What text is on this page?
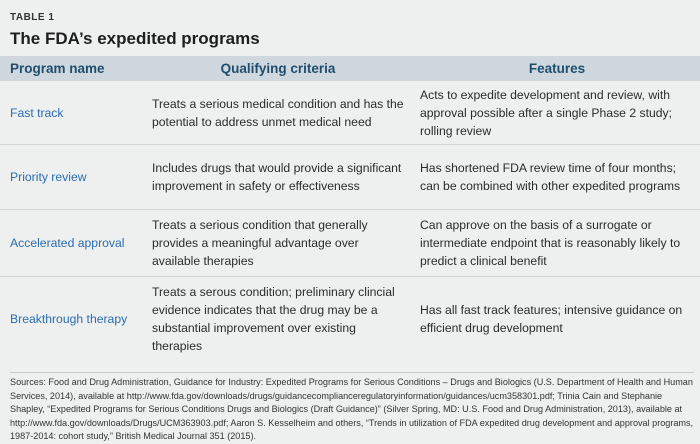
TABLE 1
The FDA’s expedited programs
Program name	Qualifying criteria	Features
Fast track	Treats a serious medical condition and has the potential to address unmet medical need	Acts to expedite development and review, with approval possible after a single Phase 2 study; rolling review
Priority review	Includes drugs that would provide a significant improvement in safety or effectiveness	Has shortened FDA review time of four months; can be combined with other expedited programs
Accelerated approval	Treats a serious condition that generally provides a meaningful advantage over available therapies	Can approve on the basis of a surrogate or intermediate endpoint that is reasonably likely to predict a clinical benefit
Breakthrough therapy	Treats a serous condition; preliminary clincial evidence indicates that the drug may be a substantial improvement over existing therapies	Has all fast track features; intensive guidance on efficient drug development
Sources: Food and Drug Administration, Guidance for Industry: Expedited Programs for Serious Conditions – Drugs and Biologics (U.S. Department of Health and Human Services, 2014), available at http://www.fda.gov/downloads/drugs/guidancecomplianceregulatoryinformation/guidances/ucm358301.pdf; Trinia Cain and Stephanie Shapley, “Expedited Programs for Serious Conditions Drugs and Biologics (Draft Guidance)” (Silver Spring, MD: U.S. Food and Drug Administration, 2013), available at http://www.fda.gov/downloads/Drugs/UCM363903.pdf; Aaron S. Kesselheim and others, “Trends in utilization of FDA expedited drug development and approval programs, 1987-2014: cohort study,” British Medical Journal 351 (2015).
